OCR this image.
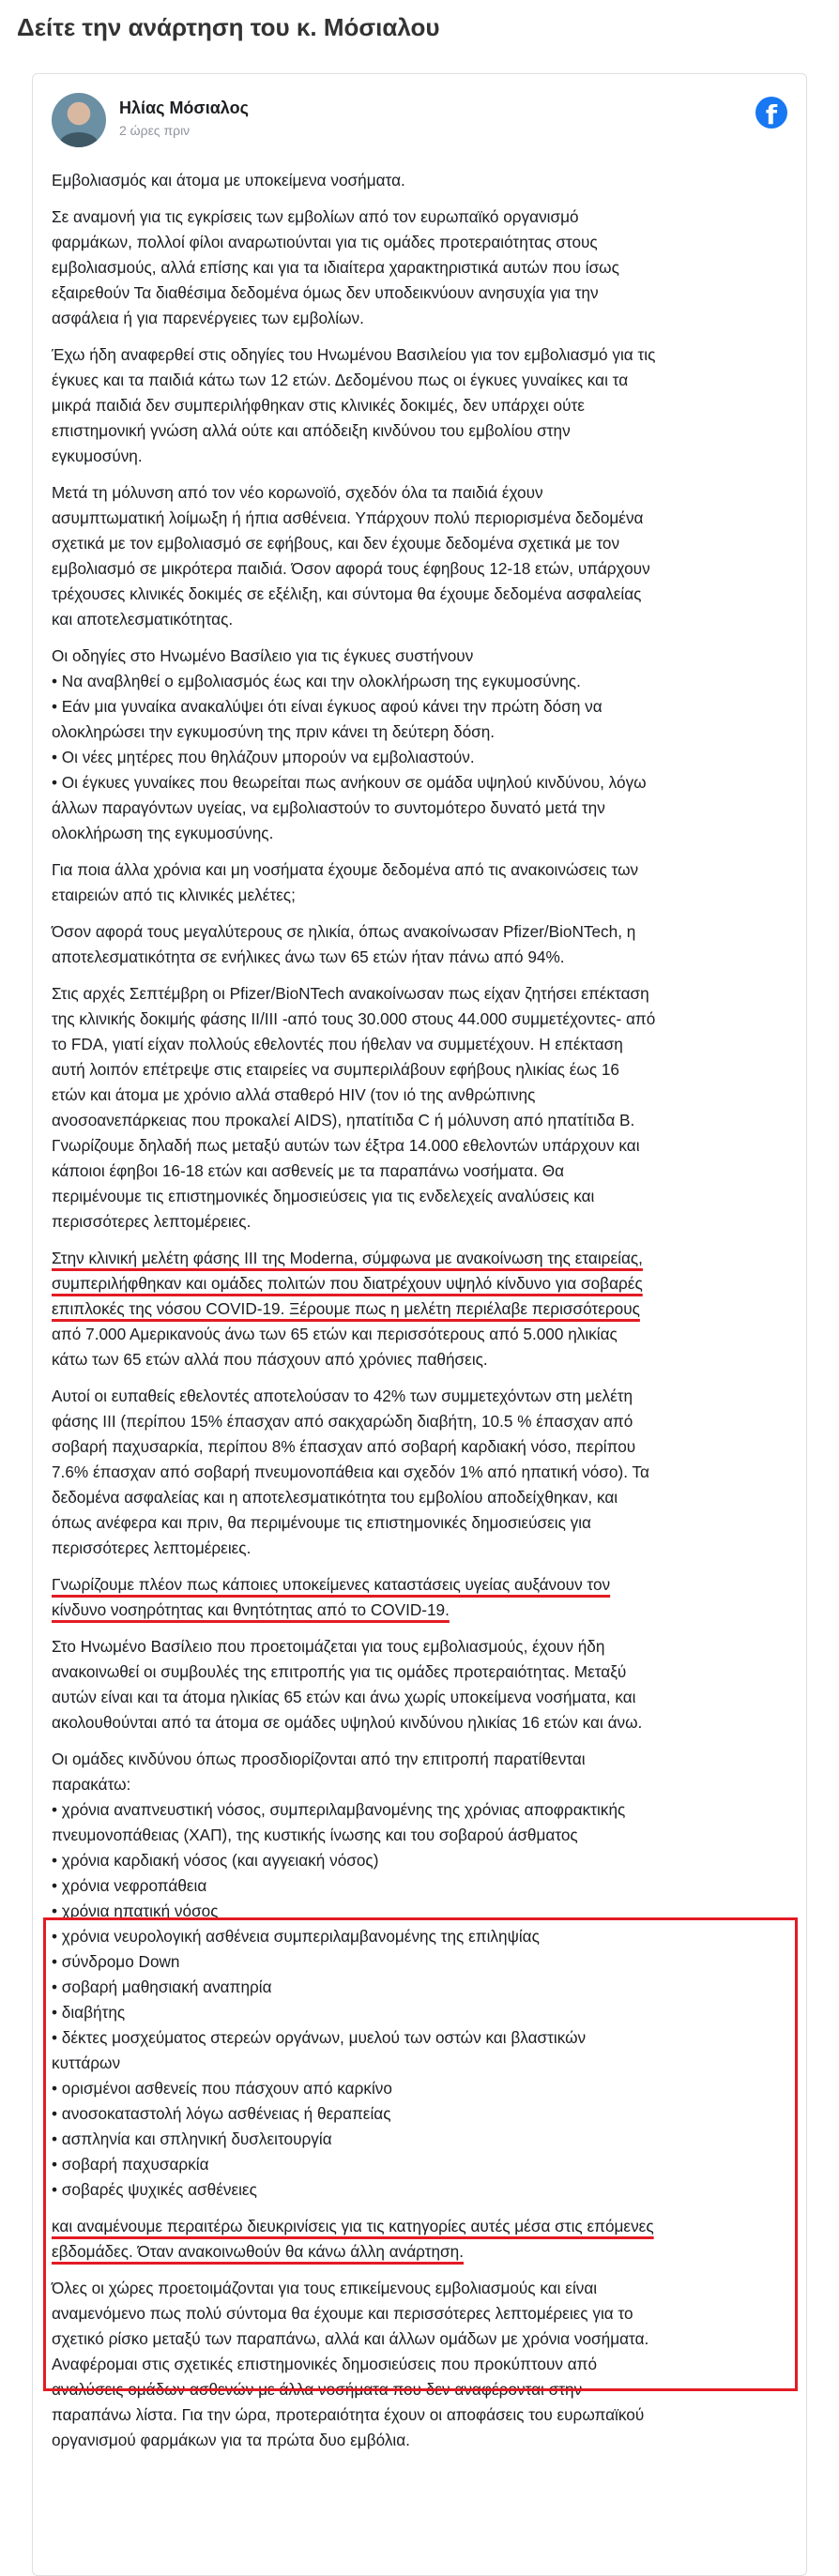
Δείτε την ανάρτηση του κ. Μόσιαλου
Ηλίας Μόσιαλος
2 ώρες πριν	f
Εμβολιασμός και άτομα με υποκείμενα νοσήματα.
Σε αναμονή για τις εγκρίσεις των εμβολίων από τον ευρωπαϊκό οργανισμό
φαρμάκων, πολλοί φίλοι αναρωτιούνται για τις ομάδες προτεραιότητας στους
εμβολιασμούς, αλλά επίσης και για τα ιδιαίτερα χαρακτηριστικά αυτών που ίσως
εξαιρεθούν Τα διαθέσιμα δεδομένα όμως δεν υποδεικνύουν ανησυχία για την
ασφάλεια ή για παρενέργειες των εμβολίων.
Έχω ήδη αναφερθεί στις οδηγίες του Ηνωμένου Βασιλείου για τον εμβολιασμό για τις
έγκυες και τα παιδιά κάτω των 12 ετών. Δεδομένου πως οι έγκυες γυναίκες και τα
μικρά παιδιά δεν συμπεριλήφθηκαν στις κλινικές δοκιμές, δεν υπάρχει ούτε
επιστημονική γνώση αλλά ούτε και απόδειξη κινδύνου του εμβολίου στην
εγκυμοσύνη.
Μετά τη μόλυνση από τον νέο κορωνοϊό, σχεδόν όλα τα παιδιά έχουν
ασυμπτωματική λοίμωξη ή ήπια ασθένεια. Υπάρχουν πολύ περιορισμένα δεδομένα
σχετικά με τον εμβολιασμό σε εφήβους, και δεν έχουμε δεδομένα σχετικά με τον
εμβολιασμό σε μικρότερα παιδιά. Όσον αφορά τους έφηβους 12-18 ετών, υπάρχουν
τρέχουσες κλινικές δοκιμές σε εξέλιξη, και σύντομα θα έχουμε δεδομένα ασφαλείας
και αποτελεσματικότητας.
Οι οδηγίες στο Ηνωμένο Βασίλειο για τις έγκυες συστήνουν
• Να αναβληθεί ο εμβολιασμός έως και την ολοκλήρωση της εγκυμοσύνης.
• Εάν μια γυναίκα ανακαλύψει ότι είναι έγκυος αφού κάνει την πρώτη δόση να
ολοκληρώσει την εγκυμοσύνη της πριν κάνει τη δεύτερη δόση.
• Οι νέες μητέρες που θηλάζουν μπορούν να εμβολιαστούν.
• Οι έγκυες γυναίκες που θεωρείται πως ανήκουν σε ομάδα υψηλού κινδύνου, λόγω
άλλων παραγόντων υγείας, να εμβολιαστούν το συντομότερο δυνατό μετά την
ολοκλήρωση της εγκυμοσύνης.
Για ποια άλλα χρόνια και μη νοσήματα έχουμε δεδομένα από τις ανακοινώσεις των
εταιρειών από τις κλινικές μελέτες;
Όσον αφορά τους μεγαλύτερους σε ηλικία, όπως ανακοίνωσαν Pfizer/BioNTech, η
αποτελεσματικότητα σε ενήλικες άνω των 65 ετών ήταν πάνω από 94%.
Στις αρχές Σεπτέμβρη οι Pfizer/BioNTech ανακοίνωσαν πως είχαν ζητήσει επέκταση
της κλινικής δοκιμής φάσης II/III -από τους 30.000 στους 44.000 συμμετέχοντες- από
το FDA, γιατί είχαν πολλούς εθελοντές που ήθελαν να συμμετέχουν. Η επέκταση
αυτή λοιπόν επέτρεψε στις εταιρείες να συμπεριλάβουν εφήβους ηλικίας έως 16
ετών και άτομα με χρόνιο αλλά σταθερό HIV (τον ιό της ανθρώπινης
ανοσοανεπάρκειας που προκαλεί AIDS), ηπατίτιδα C ή μόλυνση από ηπατίτιδα B.
Γνωρίζουμε δηλαδή πως μεταξύ αυτών των έξτρα 14.000 εθελοντών υπάρχουν και
κάποιοι έφηβοι 16-18 ετών και ασθενείς με τα παραπάνω νοσήματα. Θα
περιμένουμε τις επιστημονικές δημοσιεύσεις για τις ενδελεχείς αναλύσεις και
περισσότερες λεπτομέρειες.
Στην κλινική μελέτη φάσης III της Moderna, σύμφωνα με ανακοίνωση της εταιρείας,
συμπεριλήφθηκαν και ομάδες πολιτών που διατρέχουν υψηλό κίνδυνο για σοβαρές
επιπλοκές της νόσου COVID-19. Ξέρουμε πως η μελέτη περιέλαβε περισσότερους
από 7.000 Αμερικανούς άνω των 65 ετών και περισσότερους από 5.000 ηλικίας
κάτω των 65 ετών αλλά που πάσχουν από χρόνιες παθήσεις.
Αυτοί οι ευπαθείς εθελοντές αποτελούσαν το 42% των συμμετεχόντων στη μελέτη
φάσης III (περίπου 15% έπασχαν από σακχαρώδη διαβήτη, 10.5 % έπασχαν από
σοβαρή παχυσαρκία, περίπου 8% έπασχαν από σοβαρή καρδιακή νόσο, περίπου
7.6% έπασχαν από σοβαρή πνευμονοπάθεια και σχεδόν 1% από ηπατική νόσο). Τα
δεδομένα ασφαλείας και η αποτελεσματικότητα του εμβολίου αποδείχθηκαν, και
όπως ανέφερα και πριν, θα περιμένουμε τις επιστημονικές δημοσιεύσεις για
περισσότερες λεπτομέρειες.
Γνωρίζουμε πλέον πως κάποιες υποκείμενες καταστάσεις υγείας αυξάνουν τον
κίνδυνο νοσηρότητας και θνητότητας από το COVID-19.
Στο Ηνωμένο Βασίλειο που προετοιμάζεται για τους εμβολιασμούς, έχουν ήδη
ανακοινωθεί οι συμβουλές της επιτροπής για τις ομάδες προτεραιότητας. Μεταξύ
αυτών είναι και τα άτομα ηλικίας 65 ετών και άνω χωρίς υποκείμενα νοσήματα, και
ακολουθούνται από τα άτομα σε ομάδες υψηλού κινδύνου ηλικίας 16 ετών και άνω.
Οι ομάδες κινδύνου όπως προσδιορίζονται από την επιτροπή παρατίθενται
παρακάτω:
• χρόνια αναπνευστική νόσος, συμπεριλαμβανομένης της χρόνιας αποφρακτικής
πνευμονοπάθειας (ΧΑΠ), της κυστικής ίνωσης και του σοβαρού άσθματος
• χρόνια καρδιακή νόσος (και αγγειακή νόσος)
• χρόνια νεφροπάθεια
• χρόνια ηπατική νόσος
• χρόνια νευρολογική ασθένεια συμπεριλαμβανομένης της επιληψίας
• σύνδρομο Down
• σοβαρή μαθησιακή αναπηρία
• διαβήτης
• δέκτες μοσχεύματος στερεών οργάνων, μυελού των οστών και βλαστικών
κυττάρων
• ορισμένοι ασθενείς που πάσχουν από καρκίνο
• ανοσοκαταστολή λόγω ασθένειας ή θεραπείας
• ασπληνία και σπληνική δυσλειτουργία
• σοβαρή παχυσαρκία
• σοβαρές ψυχικές ασθένειες
και αναμένουμε περαιτέρω διευκρινίσεις για τις κατηγορίες αυτές μέσα στις επόμενες
εβδομάδες. Όταν ανακοινωθούν θα κάνω άλλη ανάρτηση.
Όλες οι χώρες προετοιμάζονται για τους επικείμενους εμβολιασμούς και είναι
αναμενόμενο πως πολύ σύντομα θα έχουμε και περισσότερες λεπτομέρειες για το
σχετικό ρίσκο μεταξύ των παραπάνω, αλλά και άλλων ομάδων με χρόνια νοσήματα.
Αναφέρομαι στις σχετικές επιστημονικές δημοσιεύσεις που προκύπτουν από
αναλύσεις ομάδων ασθενών με άλλα νοσήματα που δεν αναφέρονται στην
παραπάνω λίστα. Για την ώρα, προτεραιότητα έχουν οι αποφάσεις του ευρωπαϊκού
οργανισμού φαρμάκων για τα πρώτα δυο εμβόλια.
